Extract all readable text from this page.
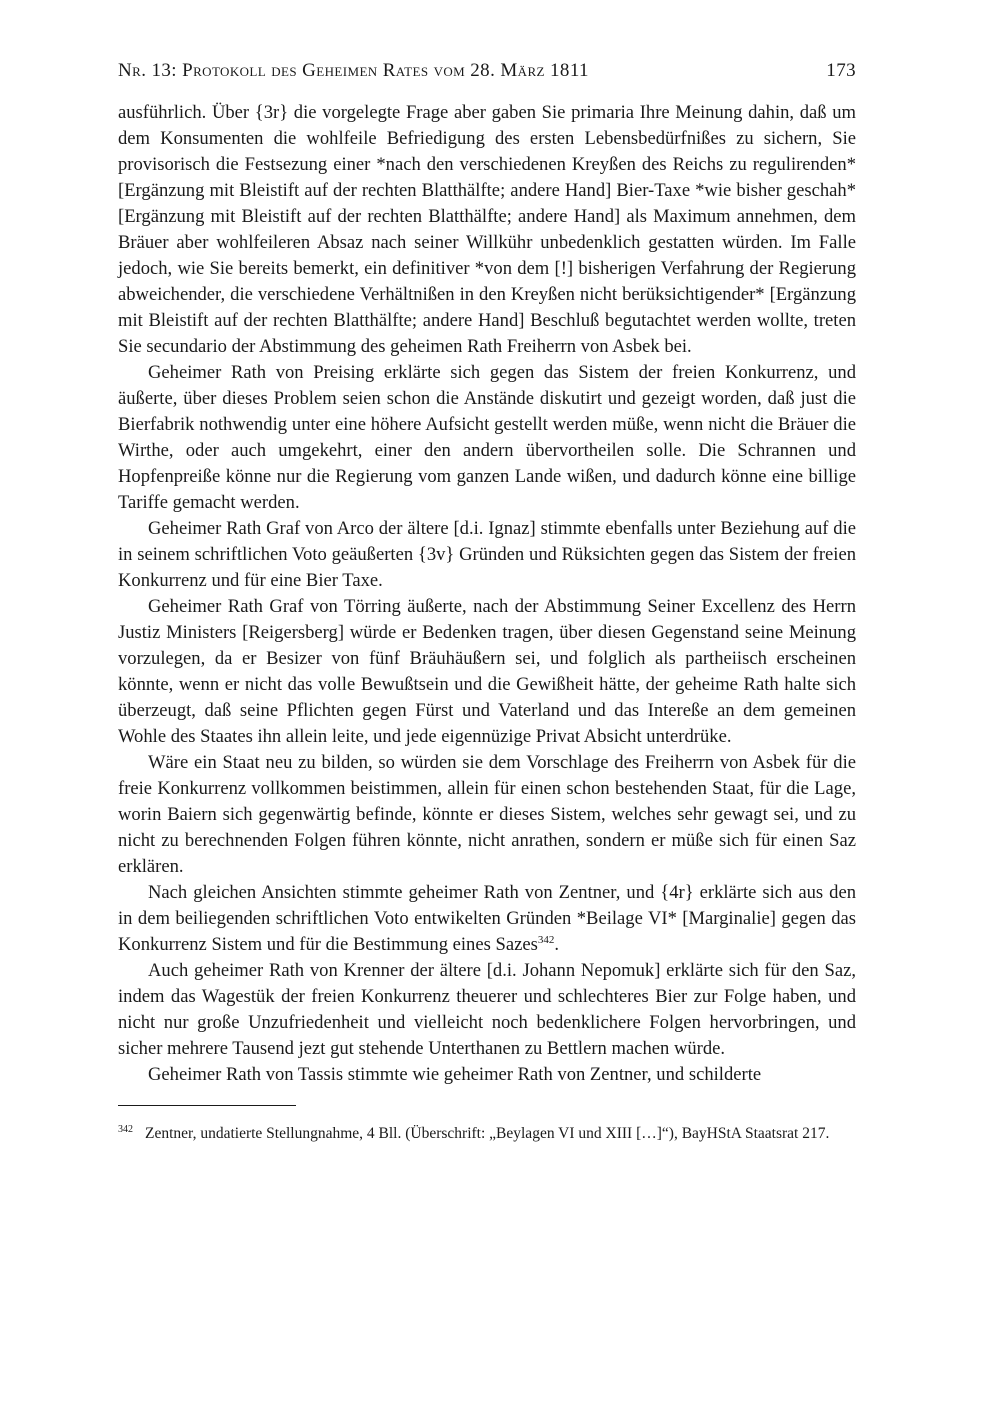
Nr. 13: Protokoll des Geheimen Rates vom 28. März 1811	173

ausführlich. Über {3r} die vorgelegte Frage aber gaben Sie primaria Ihre Meinung dahin, daß um dem Konsumenten die wohlfeile Befriedigung des ersten Lebensbedürfnißes zu sichern, Sie provisorisch die Festsezung einer *nach den verschiedenen Kreyßen des Reichs zu regulirenden* [Ergänzung mit Bleistift auf der rechten Blatthälfte; andere Hand] Bier-Taxe *wie bisher geschah* [Ergänzung mit Bleistift auf der rechten Blatthälfte; andere Hand] als Maximum annehmen, dem Bräuer aber wohlfeileren Absaz nach seiner Willkühr unbedenklich gestatten würden. Im Falle jedoch, wie Sie bereits bemerkt, ein definitiver *von dem [!] bisherigen Verfahrung der Regierung abweichender, die verschiedene Verhältnißen in den Kreyßen nicht berüksichtigender* [Ergänzung mit Bleistift auf der rechten Blatthälfte; andere Hand] Beschluß begutachtet werden wollte, treten Sie secundario der Abstimmung des geheimen Rath Freiherrn von Asbek bei.

Geheimer Rath von Preising erklärte sich gegen das Sistem der freien Konkurrenz, und äußerte, über dieses Problem seien schon die Anstände diskutirt und gezeigt worden, daß just die Bierfabrik nothwendig unter eine höhere Aufsicht gestellt werden müße, wenn nicht die Bräuer die Wirthe, oder auch umgekehrt, einer den andern übervortheilen solle. Die Schrannen und Hopfenpreiße könne nur die Regierung vom ganzen Lande wißen, und dadurch könne eine billige Tariffe gemacht werden.

Geheimer Rath Graf von Arco der ältere [d.i. Ignaz] stimmte ebenfalls unter Beziehung auf die in seinem schriftlichen Voto geäußerten {3v} Gründen und Rüksichten gegen das Sistem der freien Konkurrenz und für eine Bier Taxe.

Geheimer Rath Graf von Törring äußerte, nach der Abstimmung Seiner Excellenz des Herrn Justiz Ministers [Reigersberg] würde er Bedenken tragen, über diesen Gegenstand seine Meinung vorzulegen, da er Besizer von fünf Bräuhäußern sei, und folglich als partheiisch erscheinen könnte, wenn er nicht das volle Bewußtsein und die Gewißheit hätte, der geheime Rath halte sich überzeugt, daß seine Pflichten gegen Fürst und Vaterland und das Intereße an dem gemeinen Wohle des Staates ihn allein leite, und jede eigennüzige Privat Absicht unterdrüke.

Wäre ein Staat neu zu bilden, so würden sie dem Vorschlage des Freiherrn von Asbek für die freie Konkurrenz vollkommen beistimmen, allein für einen schon bestehenden Staat, für die Lage, worin Baiern sich gegenwärtig befinde, könnte er dieses Sistem, welches sehr gewagt sei, und zu nicht zu berechnenden Folgen führen könnte, nicht anrathen, sondern er müße sich für einen Saz erklären.

Nach gleichen Ansichten stimmte geheimer Rath von Zentner, und {4r} erklärte sich aus den in dem beiliegenden schriftlichen Voto entwikelten Gründen *Beilage VI* [Marginalie] gegen das Konkurrenz Sistem und für die Bestimmung eines Sazes$^{342}$.

Auch geheimer Rath von Krenner der ältere [d.i. Johann Nepomuk] erklärte sich für den Saz, indem das Wagestük der freien Konkurrenz theuerer und schlechteres Bier zur Folge haben, und nicht nur große Unzufriedenheit und vielleicht noch bedenklichere Folgen hervorbringen, und sicher mehrere Tausend jezt gut stehende Unterthanen zu Bettlern machen würde.

Geheimer Rath von Tassis stimmte wie geheimer Rath von Zentner, und schilderte

$^{342}$ Zentner, undatierte Stellungnahme, 4 Bll. (Überschrift: „Beylagen VI und XIII […]“), BayHStA Staatsrat 217.
